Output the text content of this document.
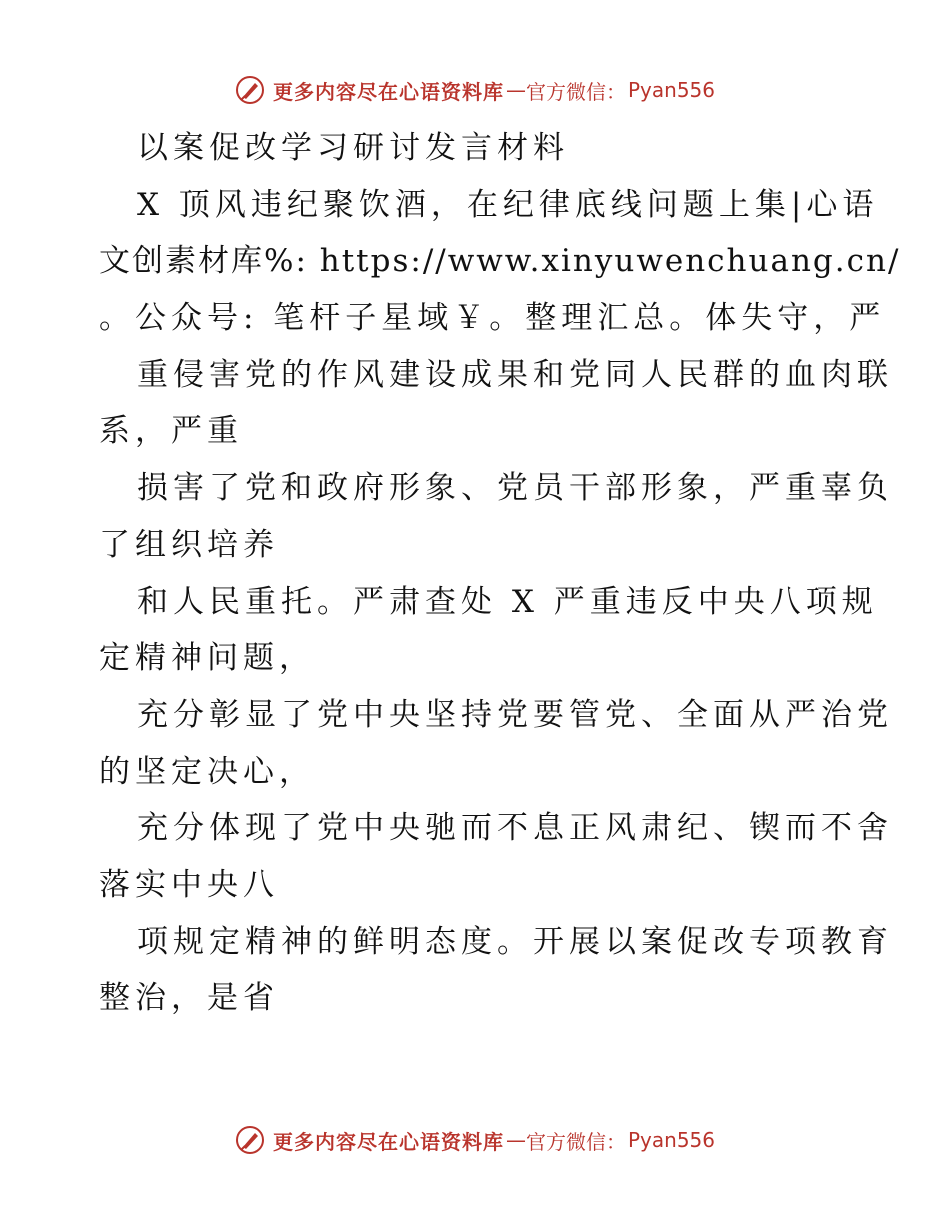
更多内容尽在心语资料库 — 官方微信： Pyan556
以案促改学习研讨发言材料
X 顶风违纪聚饮酒，在纪律底线问题上集|心语
文创素材库%: https://www.xinyuwenchuang.cn/
。公众号: 笔杆子星域￥。整理汇总。体失守，严
重侵害党的作风建设成果和党同人民群的血肉联
系，严重
损害了党和政府形象、党员干部形象，严重辜负
了组织培养
和人民重托。严肃查处 X 严重违反中央八项规
定精神问题，
充分彰显了党中央坚持党要管党、全面从严治党
的坚定决心，
充分体现了党中央驰而不息正风肃纪、锲而不舍
落实中央八
项规定精神的鲜明态度。开展以案促改专项教育
整治，是省
更多内容尽在心语资料库 — 官方微信： Pyan556
